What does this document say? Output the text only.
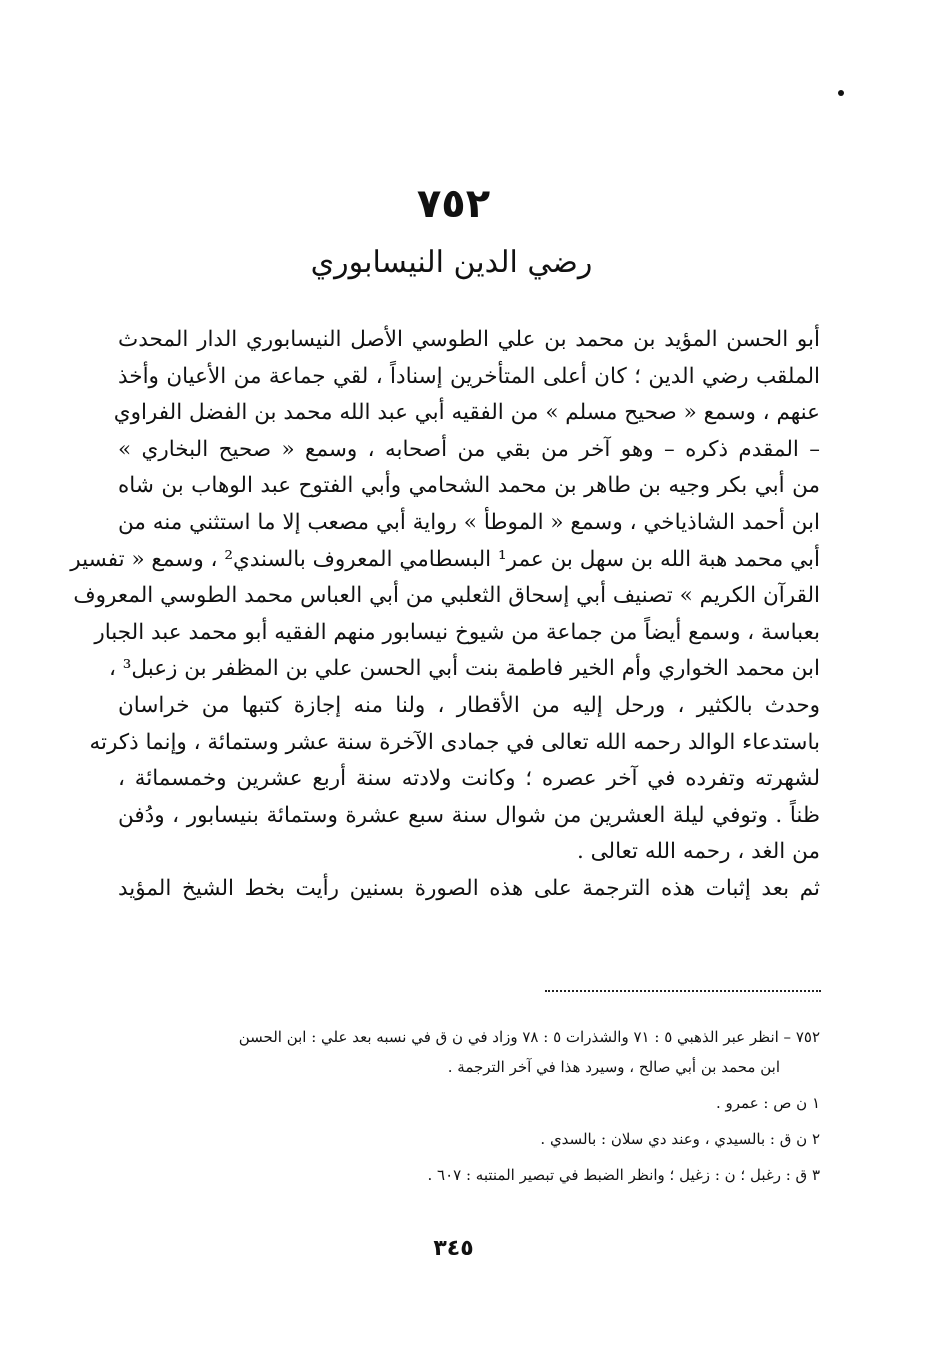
٧٥٢
رضي الدين النيسابوري
أبو الحسن المؤيد بن محمد بن علي الطوسي الأصل النيسابوري الدار المحدث
الملقب رضي الدين ؛ كان أعلى المتأخرين إسناداً ، لقي جماعة من الأعيان وأخذ
عنهم ، وسمع « صحيح مسلم » من الفقيه أبي عبد الله محمد بن الفضل الفراوي
– المقدم ذكره – وهو آخر من بقي من أصحابه ، وسمع « صحيح البخاري »
من أبي بكر وجيه بن طاهر بن محمد الشحامي وأبي الفتوح عبد الوهاب بن شاه
ابن أحمد الشاذياخي ، وسمع « الموطأ » رواية أبي مصعب إلا ما استثني منه من
أبي محمد هبة الله بن سهل بن عمر¹ البسطامي المعروف بالسندي² ، وسمع « تفسير
القرآن الكريم » تصنيف أبي إسحاق الثعلبي من أبي العباس محمد الطوسي المعروف
بعباسة ، وسمع أيضاً من جماعة من شيوخ نيسابور منهم الفقيه أبو محمد عبد الجبار
ابن محمد الخواري وأم الخير فاطمة بنت أبي الحسن علي بن المظفر بن زعبل³ ،
وحدث بالكثير ، ورحل إليه من الأقطار ، ولنا منه إجازة كتبها من خراسان
باستدعاء الوالد رحمه الله تعالى في جمادى الآخرة سنة عشر وستمائة ، وإنما ذكرته
لشهرته وتفرده في آخر عصره ؛ وكانت ولادته سنة أربع عشرين وخمسمائة ،
ظناً . وتوفي ليلة العشرين من شوال سنة سبع عشرة وستمائة بنيسابور ، ودُفن
من الغد ، رحمه الله تعالى .
ثم بعد إثبات هذه الترجمة على هذه الصورة بسنين رأيت بخط الشيخ المؤيد
٧٥٢ – انظر عبر الذهبي ٥ : ٧١ والشذرات ٥ : ٧٨ وزاد في ن ق في نسبه بعد علي : ابن الحسن
ابن محمد بن أبي صالح ، وسيرد هذا في آخر الترجمة .
١ ن ص : عمرو .
٢ ن ق : بالسيدي ، وعند دي سلان : بالسدي .
٣ ق : رغبل ؛ ن : زغيل ؛ وانظر الضبط في تبصير المنتبه : ٦٠٧ .
٣٤٥
